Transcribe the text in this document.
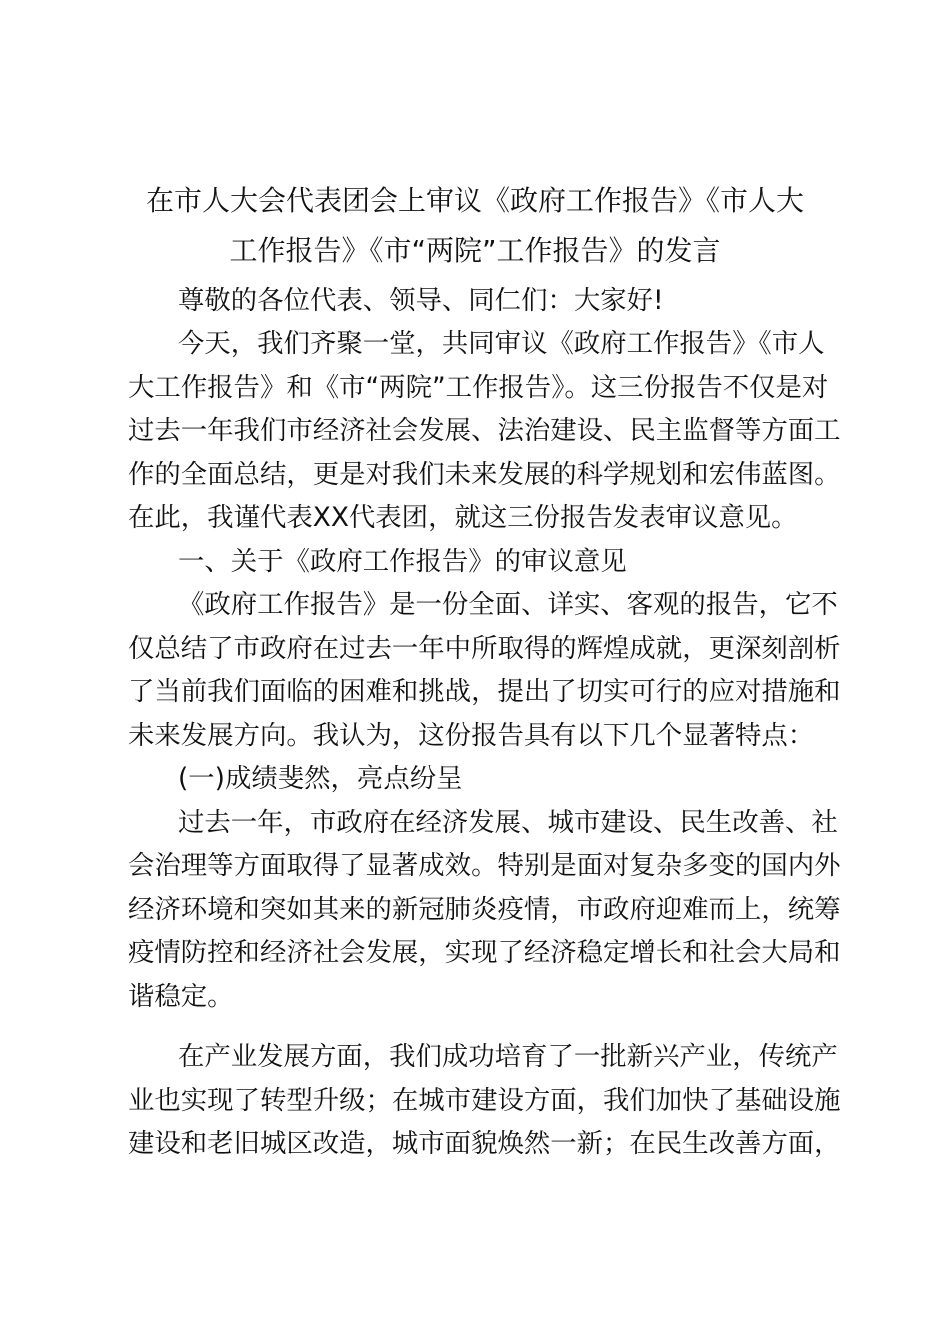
在市人大会代表团会上审议《政府工作报告》《市人大
工作报告》《市“两院”工作报告》的发言
尊敬的各位代表、领导、同仁们：大家好!
今天，我们齐聚一堂，共同审议《政府工作报告》《市人
大工作报告》和《市“两院”工作报告》。这三份报告不仅是对
过去一年我们市经济社会发展、法治建设、民主监督等方面工
作的全面总结，更是对我们未来发展的科学规划和宏伟蓝图。
在此，我谨代表XX代表团，就这三份报告发表审议意见。
一、关于《政府工作报告》的审议意见
《政府工作报告》是一份全面、详实、客观的报告，它不
仅总结了市政府在过去一年中所取得的辉煌成就，更深刻剖析
了当前我们面临的困难和挑战，提出了切实可行的应对措施和
未来发展方向。我认为，这份报告具有以下几个显著特点：
(一)成绩斐然，亮点纷呈
过去一年，市政府在经济发展、城市建设、民生改善、社
会治理等方面取得了显著成效。特别是面对复杂多变的国内外
经济环境和突如其来的新冠肺炎疫情，市政府迎难而上，统筹
疫情防控和经济社会发展，实现了经济稳定增长和社会大局和
谐稳定。
在产业发展方面，我们成功培育了一批新兴产业，传统产
业也实现了转型升级；在城市建设方面，我们加快了基础设施
建设和老旧城区改造，城市面貌焕然一新；在民生改善方面，
